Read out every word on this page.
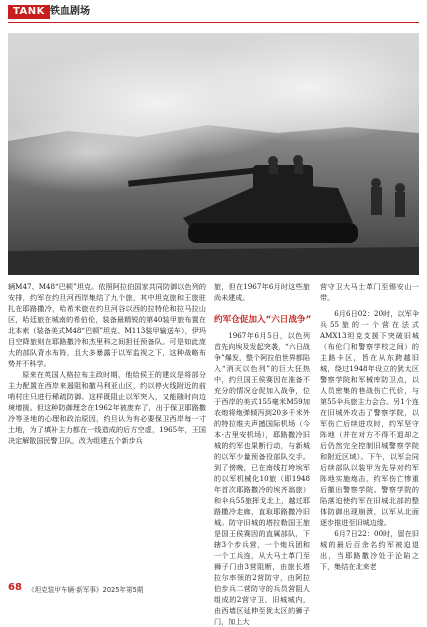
TANK 铁血剧场

辆M47、M48“巴顿”坦克。依照阿拉伯国家共同防御以色列的安排，约军在约旦河西岸集结了九个旅，其中坦克旅和王旅驻扎在耶路撒冷，哈希米旅在约旦河谷以西的拉特伦和拉马拉山区，哈廷旅在城南的希伯伦，装备最精锐的第40装甲旅布置在北本索（装备美式M48“巴顿”坦克、M113装甲输送车），伊玛目空降旅则在耶路撒冷和杰里科之间担任预备队。可是如此庞大的部队背水布阵，且大多暴露于以军监视之下，这种战略布势并不科学。

原来在英国人格拉布主政时期，他给侯王的建议是将部分主力配置在西岸来遏阻和撤马利亚山区，约以停火线附近的前哨村庄只进行稀疏防御。这样既阻止以军突入，又能随时向边境增援。但这种防御理念在1962年被废弃了，出于保卫耶路撒冷等圣地的心理和政治原因，约旦认为有必要保卫西岸每一寸土地，为了填补主力都在一线造成的后方空虚，1965年，王国决定解散国民警卫队，改为组建五个新步兵

旅，但在1967年6月时这些旅尚未建成。

营守卫大马士革门至锡安山一带。

约军仓促加入“六日战争”

1967年6月5日，以色列首先向埃及发起突袭，“六日战争”爆发，整个阿拉伯世界都陷入“消灭以色列”的巨大狂热中，约旦国王侯赛因在准备不充分的情况仓促加入战争，位于西岸的美式155毫米M59加农炮将炮弹倾泻到20多千米外的特拉维夫声撼国际机场（今本-古里安机场），耶路撒冷旧城的约军也果断行动，与新城的以军少量预备役部队交手。到了傍晚，已在南线打垮埃军的以军机械化10旅（即1948年首次耶路撒冷的埃齐翁旅）和伞兵55旅挥戈北上，越过耶路撒冷走廊，直取耶路撒冷旧城。防守旧城的塔拉勒国王旅是国王侯赛因的直属部队，下辖3个步兵营，一个炮兵团和一个工兵连，从大马士革门至狮子门由3营阻断，由旅长塔拉尔率领的2营防守，由阿拉伯步兵二营防守的兵员营阻人组成的2营守卫，旧城城内，由西墙区延伸至犹太区的狮子门，加上大

6月6日02：20时，以军伞兵55旅的一个营在法式AMX13坦克支援下突破旧城（布伦门和警察学校之间）的主路卡区，旨在从东跨越旧城，绕过1948年设立的犹太区警察学院和军械库防卫点，以人员密集的巷战伤亡代价，与第55伞兵旅主力会合。另1个连在旧城外攻击了警察学院，以军伤亡后续进攻时，约军坚守阵地（并在对方不得不退却之后仍然完全控制旧城警察学院和附近区域）。下午，以军会同后续部队以装甲为先导对约军阵地实施炮击，约军伤亡惨重后撤出警察学院。警察学院的陷落迫使约军在旧城北部的整体防御出现崩溃，以军从北面逐步推进至旧城边缘。

6月7日22：00时，留在旧城的最后百余名约军被迫退出，当耶路撒冷处于沦陷之下，集结在北来老

68 《坦克装甲车辆·新军事》2025年第5期
